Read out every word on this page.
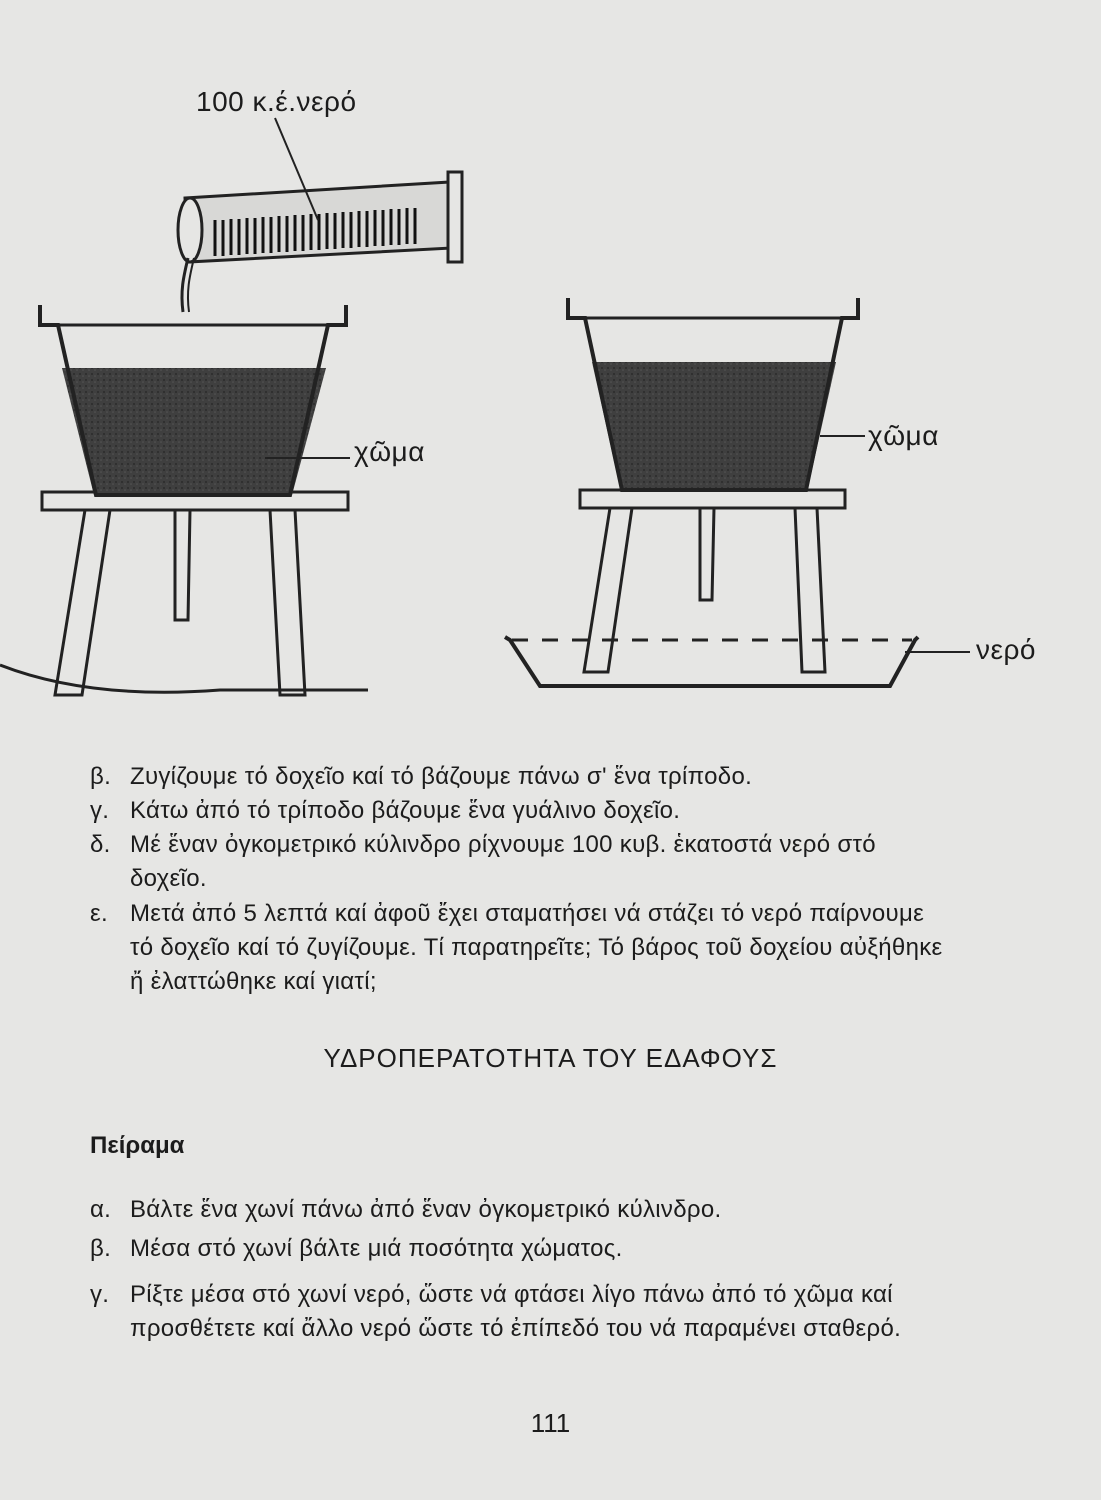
100 κ.έ.νερό
χῶμα
χῶμα
νερό
β. Ζυγίζουμε τό δοχεῖο καί τό βάζουμε πάνω σ' ἕνα τρίποδο.
γ. Κάτω ἀπό τό τρίποδο βάζουμε ἕνα γυάλινο δοχεῖο.
δ. Μέ ἕναν ὀγκομετρικό κύλινδρο ρίχνουμε 100 κυβ. ἑκατοστά νερό στό δοχεῖο.
ε. Μετά ἀπό 5 λεπτά καί ἀφοῦ ἔχει σταματήσει νά στάζει τό νερό παίρνουμε τό δοχεῖο καί τό ζυγίζουμε. Τί παρατηρεῖτε; Τό βάρος τοῦ δοχείου αὐξήθηκε ἤ ἐλαττώθηκε καί γιατί;
ΥΔΡΟΠΕΡΑΤΟΤΗΤΑ ΤΟΥ ΕΔΑΦΟΥΣ
Πείραμα
α. Βάλτε ἕνα χωνί πάνω ἀπό ἕναν ὀγκομετρικό κύλινδρο.
β. Μέσα στό χωνί βάλτε μιά ποσότητα χώματος.
γ. Ρίξτε μέσα στό χωνί νερό, ὥστε νά φτάσει λίγο πάνω ἀπό τό χῶμα καί προσθέτετε καί ἄλλο νερό ὥστε τό ἐπίπεδό του νά παραμένει σταθερό.
111
